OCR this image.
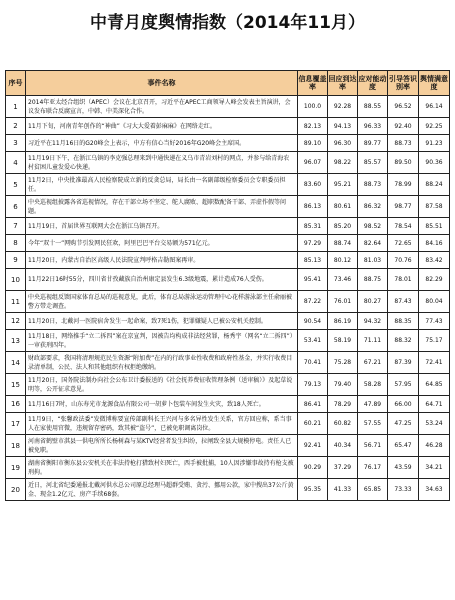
中青月度舆情指数（2014年11月）
序号	事件名称	信息覆盖率	回应到达率	应对能动度	引导答识别率	舆情满意度
1	2014年亚太经合组织（APEC）会议在北京召开，习近平在APEC工商领导人峰会发表主旨演讲，会议发布联合反腐宣言，中韩、中美深化合作。	100.0	92.28	88.55	96.52	96.14
2	11月下旬，河南青年创作的“神曲”《习大大爱着彭麻麻》在网络走红。	82.13	94.13	96.33	92.40	92.25
3	习近平在11月16日的G20峰会上表示，中方有信心当好2016年G20峰会主席国。	89.10	96.30	89.77	88.73	91.23
4	11月19日下午，在浙江乌镇的李克强总理来到中通快递在义乌市青岩刘村的网点，并参与给青海农村贫困儿童发爱心快递。	96.07	98.22	85.57	89.50	90.36
5	11月2日，中央批准最高人民检察院成立新的反贪总局，局长由一名副部级检察委员会专职委员担任。	83.60	95.21	88.73	78.99	88.24
6	中央巡视组披露各省巡视情况，存在干部立场不坚定、舵人腐败、超职数配备干部、弄虚作假等问题。	86.13	80.61	86.32	98.77	87.58
7	11月19日，首届世界互联网大会在浙江乌镇召开。	85.31	85.20	98.52	78.54	85.51
8	今年“双十一”网购节引发网民狂欢，阿里巴巴平台交易额为571亿元。	97.29	88.74	82.64	72.65	84.16
9	11月20日，内蒙古自治区高级人民法院宣判呼格吉勒图案再审。	85.13	80.12	81.03	70.76	83.42
10	11月22日16时55分，四川省甘孜藏族自治州康定县发生6.3级地震，累计造成76人受伤。	95.41	73.46	88.75	78.01	82.29
11	中央巡视组反馈国家体育总局的巡视意见，此后，体育总局游泳运动管理中心花样游泳部主任俞丽被警方带走调查。	87.22	76.01	80.27	87.43	80.04
12	11月20日，北戴河一医院宿舍发生一起命案，致7死1伤，犯罪嫌疑人已被公安机关控制。	90.54	86.19	94.32	88.35	77.43
13	11月18日，网络推手“立二拆四”案在京宣判，因被告均构成非法经营罪，杨秀宇（网名“立二拆四”）一审获刑四年。	53.41	58.19	71.11	88.32	75.17
14	财政部要求，我国将清理规范民生资源“附加费”在内的行政事业性收费和政府性基金，并实行收费目录清单制，公民、法人和其他组织有权拒绝缴纳。	70.41	75.28	67.21	87.39	72.41
15	11月20日，国务院法制办向社会公布卫计委报送的《社会抚养费征收管理条例（送审稿）》及起草说明等，公开征求意见。	79.13	79.40	58.28	57.95	64.85
16	11月16日7时，山东寿光市龙源食品有限公司一胡萝卜包装车间发生火灾，致18人死亡。	86.41	78.29	47.89	66.00	64.71
17	11月9日，“张馨政法委”发微博称要宣传部副科长王兴河与多名异性发生关系，官方回应称，系当事人在家使用官微，违规留存密码，致其被“盗号”，已被免职调离岗位。	60.21	60.82	57.55	47.25	53.24
18	河南省鹤壁市淇县一供电所所长杨树森与某KTV经营者发生纠纷，拉闸致全县大规模停电。责任人已被免职。	92.41	40.34	56.71	65.47	46.28
19	湖南省衡阳市衡东县公安机关在非法持枪打猎致村妇死亡，西手被批捕，10人因涉嫌事故持有枪支被刑拘。	90.29	37.29	76.17	43.59	34.21
20	近日，河北省纪委通报北戴河供水总公司原总经理马超群受贿、贪污、挪用公款，家中搜出37公斤黄金、现金1.2亿元、房产手续68套。	95.35	41.33	65.85	73.33	34.63
